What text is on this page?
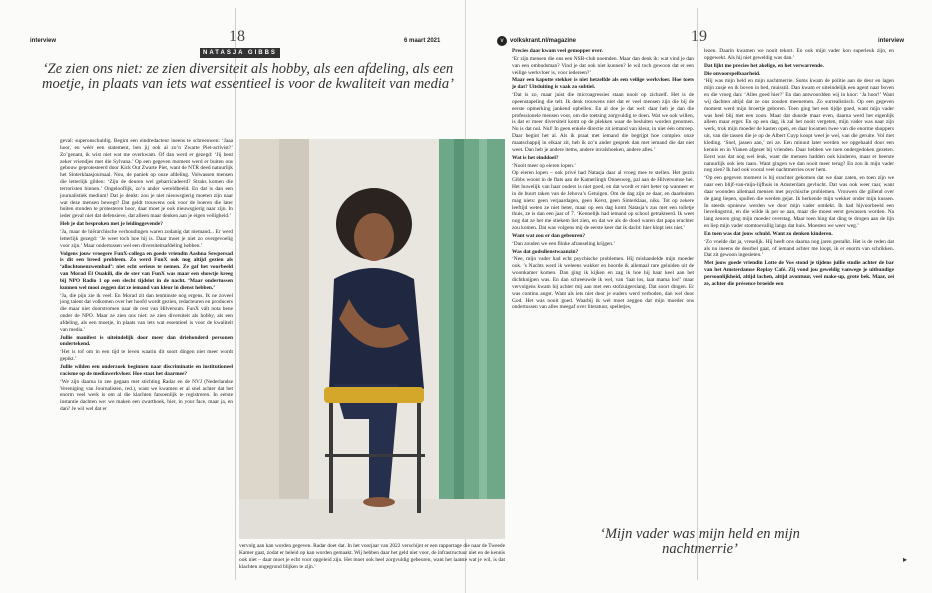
interview	18	6 maart 2021	v	volkskrant.nl/magazine	19	interview
NATASJA GIBBS
‘Ze zien ons niet: ze zien diversiteit als hobby, als een afdeling, als een moetje, in plaats van iets wat essentieel is voor de kwaliteit van media’

geval: superonschuldig. Begint een eindredacteur ineens te schreeuwen: ‘Jaaa hoor, en wéér een statement, ben jij ook al zo’n Zwarte Piet-activist?’ Zo’genant, ik wist niet wat me overkwam. Of dan werd er gezegd: ‘Jij bent zeker vriendjes met die Sylvana.’ Op een gegeven moment werd er buiten ons gebouw geprotesteerd door Kick Out Zwarte Piet, want de NTR deed natuurlijk het Sinterklaasjournaal. Nou, de paniek op onze afdeling. Volwassen mensen die letterlijk gilden: ‘Zijn de deuren wel gebarricadeerd? Straks komen die terroristen binnen.’ Ongelooflijk, zo’n ander wereldbeeld. En dat is dan een journalistiek medium! Dat je denkt: zou je niet nieuwsgierig moeten zijn naar wat deze mensen bewegt? Dat geldt trouwens ook voor de boeren die later buiten stonden te protesteren hoor, daar moet je ook nieuwsgierig naar zijn. In ieder geval niet dat defensieve, dat alleen maar denken aan je eigen veiligheid.’

Heb je dat besproken met je leidinggevende?

‘Ja, maar de hiërarchische verhoudingen waren zodanig dat niemand... Er werd letterlijk gezegd: ‘Je weet toch hoe hij is. Daar moet je niet zo overgevoelig voor zijn.’ Maar ondertussen wel een diversiteitsafdeling hebben.’

Volgens jouw vroegere FunX-collega en goede vriendin Aashna Sewpersad is dit een breed probleem. Zo werd FunX ook nog altijd gezien als ‘allochtonenzwembad’: niet echt serieus te nemen. Ze gaf het voorbeeld van Morad El Ouakili, die de ster van FunX was maar een showtje kreeg bij NPO Radio 1 op een slecht tijdslot in de nacht. ‘Maar ondertussen kunnen wel mooi zeggen dat ze iemand van kleur in dienst hebben.’

‘Ja, die pijn zie ik veel. En Morad zit dan tenminste nog ergens. Ik ne zoveel jong talent dat volkomen over het hoofd wordt gezien, redacteuren en producers die maar niet doorstromen naar de rest van Hilversum. FunX vált nota bene onder de NPO. Maar ze zien ons niet: ze zien diversiteit als hobby, als een afdeling, als een moetje, in plaats van iets wat essentieel is voor de kwaliteit van media.’

Jullie manifest is uiteindelijk door meer dan driehonderd personen ondertekend.

‘Het is tof om in een tijd te leven waarin dit soort dingen niet meer wordt gepikt.’

Jullie wilden een onderzoek beginnen naar discriminatie en institutioneel racisme op de mediawerkvloer. Hoe staat het daarmee?

‘We zijn daarna in zee gegaan met stichting Radar en de NVJ (Nederlandse Vereniging van Journalisten, red.), want we kwamen er al snel achter dat het enorm veel werk is om al die klachten fatsoenlijk te registreren. In eerste instantie dachten we: we maken een zwartboek, hier, in your face, maar ja, en dan? Je wil wel dat er

vervolg aan kan worden gegeven. Radar doet dat. In het voorjaar van 2022 verschijnt er een rapportage die naar de Tweede Kamer gaat, zodat er beleid op kan worden gemaakt. Wij hebben daar het geld niet voor, de infrastructuur niet en de kennis ook niet – daar moet je echt voor opgeleid zijn. Het moet ook heel zorgvuldig gebeuren, want het laatste wat je wil, is dat klachten ongegrond blijken te zijn.’

Precies daar kwam veel gemopper over.

‘Er zijn mensen die ons een NSB-club noemden. Maar dan denk ik: wat vind je dan van een ombudsman? Vind je dat ook niet kunnen? Ie wil toch gewoon dat er een veilige werkvloer is, voor iedereen?’

Maar een kapotte stekker is niet hetzelfde als een veilige werkvloer. Hoe toets je dat? Uitsluiting is vaak zo subtiel.

‘Dat is zo, maar juist die microagressies staan nooit op zichzelf. Het is de opeenstapeling die telt. Ik denk trouwens niet dat er veel mensen zijn die bij de eerste opmerking jankend opbellen. En al doe je dat wel: daar heb je dan die professionele mensen voor, om die toetsing zorgvuldig te doen. Wat we ook willen, is dat er meer diversiteit komt op de plekken waar de besluiten worden genomen. Nu is dat nul. Nul! In geen enkele directie zit iemand van kleur, in niet één omroep. Daar begint het al. Als ik praat met iemand die begrijpt hoe complex onze maatschappij in elkaar zit, heb ik zo’n ander gesprek dan met iemand die dat niet weet. Dan heb je andere items, andere invalshoeken, andere alles.’

Wat is het einddoel?

‘Nooit meer op eieren lopen.’

Op eieren lopen – ook privé had Natasja daar al vroeg mee te stellen. Het gezin Gibbs woont in de flats aan de Kamerlingh Onnesweg, pal aan de Hilversumse hei. Het huwelijk van haar ouders is niet goed, en dat wordt er niet beter op wanneer er in de buurt raken van de Jehova’s Getuigen. Om de dag zijn ze daar, en daarbuiten mag niets: geen verjaardagen, geen Kerst, geen Sinterklaas, niks. Tot op zekere leeftijd weten ze niet beter, maar op een dag komt Natasja’s zus met een tolletje thuis, ze is dan een jaar of 7. ‘Kennelijk had iemand op school getrakteerd. Ik weet nog dat ze het me stiekem liet zien, en dat we als de dood waren dat papa erachter zou komen. Dat was volgens mij de eerste keer dat ik dacht: hier klopt iets niet.’

Want wat zou er dan gebeuren?

‘Dan zouden we een flinke afranseling krijgen.’

Was dat godsdienstwaanzin?

‘Nee, mijn vader had echt psychische problemen. Hij mishandelde mijn moeder ook. ’s Nachts werd ik weleens wakker en hoorde ik allemaal rare geluiden uit de woonkamer komen. Dan ging ik kijken en zag ik hoe hij haar keel aan het dichtknijpen was. En dan schreeuwde ik wel, van ‘laat los, laat mama los!’ maar vervolgens kwam hij achter mij aan met een stofzuigerslang. Dat soort dingen. Er was continu angst. Want als iets niet door je ouders werd verboden, dan wel door God. Het was nooit goed. Waarbij ik wel moet zeggen dat mijn moeder ons ondertussen van alles meegaf over literatuur, spelletjes,

‘Mijn vader was mijn held en mijn nachtmerrie’

lezen. Daarin kwamen we nooit tekort. En ook mijn vader kon superleuk zijn, en opgewekt. Als hij niet geweldig was dan.’

Dat lijkt me precies het akelige, en het verwarrende.

Die onvoorspelbaarheid.

‘Hij was mijn held en mijn nachtmerrie. Soms kwam de politie aan de deur en lagen mijn zusje en ik boven in bed, muisstil. Dan kwam er uiteindelijk een agent naar boven en die vroeg dan: ‘Alles goed hier?’ En dan antwoordden wij in koor: ‘Ja hoor!’ Want wij dachten altijd dat ze ons zouden meenemen. Zo surrealistisch. Op een gegeven moment werd mijn broertje geboren. Toen ging het een tijdje goed, want mijn vader was heel blij met een zoon. Maar dat duurde maar even, daarna werd het eigenlijk alleen maar erger. En op een dag, ik zal het nooit vergeten, mijn vader was naar zijn werk, trok mijn moeder de kasten open, en daar kwamen twee van die enorme shoppers uit, van die tassen die je op de Albert Cuyp koopt weet je wel, van die geruite. Vol met kleding. ‘Snel, jassen aan,’ zei ze. Een minuut later werden we opgehaald door een kennis en in Vianen afgezet bij vrienden. Daar hebben we toen ondergedoken gezeten. Eerst was dat nog wel leuk, want die mensen hadden ook kinderen, maar er heerste natuurlijk ook iets raars. Want gingen we dan nooit meer terug? En zou ik mijn vader nog zien? Ik had ook vooral veel nachtmerries over hem.

‘Op een gegeven moment is hij erachter gekomen dat we daar zaten, en toen zijn we naar een blijf-van-mijn-lijfhuis in Amsterdam gevlucht. Dat was ook weer raar, want daar woonden allemaal mensen met psychische problemen. Vrouwen die gillend over de gang liepen, spullen die werden gejat. Ik herkende mijn wekker onder mijn kussen. In steeds opnieuw werden we door mijn vader ontdekt. Ik had bijvoorbeeld een lievelingstrui, en die wilde ik per se aan, maar die moest eerst gewassen worden. Na lang zeuren ging mijn moeder overstag. Maar toen hing dat ding te drogen aan de lijn en liep mijn vader stomtoevallig langs dat huis. Moesten we weer weg.’

En toen was dat jouw schuld. Want zo denken kinderen.

‘Zo voelde dat ja, vreselijk. Hij heeft ons daarna nog jaren gestalkt. Het is de reden dat als nu ineens de deurbel gaat, of iemand achter me loopt, ik er enorm van schrikken. Dat zit gewoon ingesleten.’

Met jouw goede vriendin Lotte de Vos stond je tijdens jullie studie achter de bar van het Amsterdamse Replay Café. Zij vond jou geweldig vanwege je uitbundige persoonlijkheid, altijd lachen, altijd avontuur, veel make-up, grote bek. Maar, zei ze, achter die présence broeide een

▸
